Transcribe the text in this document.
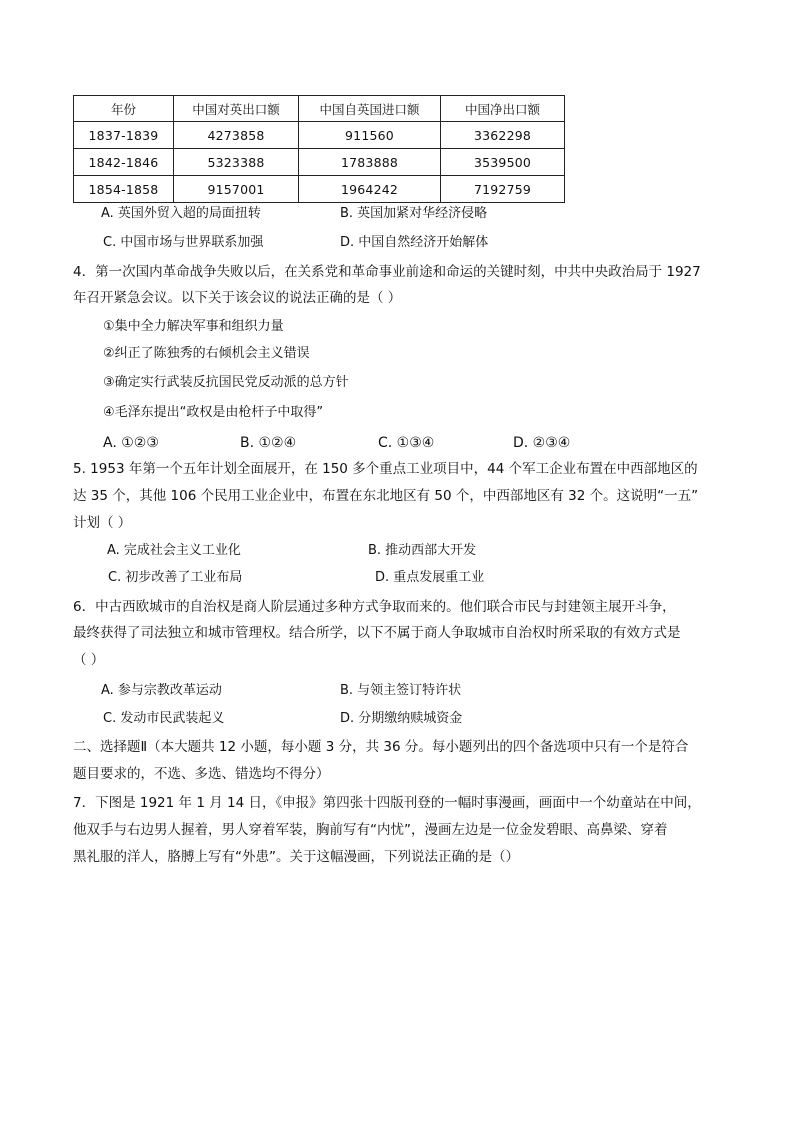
年份	中国对英出口额	中国自英国进口额	中国净出口额
1837-1839	4273858	911560	3362298
1842-1846	5323388	1783888	3539500
1854-1858	9157001	1964242	7192759
A. 英国外贸入超的局面扭转	B. 英国加紧对华经济侵略
C. 中国市场与世界联系加强	D. 中国自然经济开始解体
4．第一次国内革命战争失败以后，在关系党和革命事业前途和命运的关键时刻，中共中央政治局于 1927
年召开紧急会议。以下关于该会议的说法正确的是（ ）
①集中全力解决军事和组织力量
②纠正了陈独秀的右倾机会主义错误
③确定实行武装反抗国民党反动派的总方针
④毛泽东提出“政权是由枪杆子中取得”
A. ①②③	B. ①②④	C. ①③④	D. ②③④
5. 1953 年第一个五年计划全面展开，在 150 多个重点工业项目中，44 个军工企业布置在中西部地区的
达 35 个，其他 106 个民用工业企业中，布置在东北地区有 50 个，中西部地区有 32 个。这说明“一五”
计划（ ）
A. 完成社会主义工业化	B. 推动西部大开发
C. 初步改善了工业布局	D. 重点发展重工业
6．中古西欧城市的自治权是商人阶层通过多种方式争取而来的。他们联合市民与封建领主展开斗争，
最终获得了司法独立和城市管理权。结合所学，以下不属于商人争取城市自治权时所采取的有效方式是
（ ）
A. 参与宗教改革运动	B. 与领主签订特许状
C. 发动市民武装起义	D. 分期缴纳赎城资金
二、选择题Ⅱ（本大题共 12 小题，每小题 3 分，共 36 分。每小题列出的四个备选项中只有一个是符合
题目要求的，不选、多选、错选均不得分）
7．下图是 1921 年 1 月 14 日，《申报》第四张十四版刊登的一幅时事漫画，画面中一个幼童站在中间，
他双手与右边男人握着，男人穿着军装，胸前写有“内忧”，漫画左边是一位金发碧眼、高鼻梁、穿着
黑礼服的洋人，胳膊上写有“外患”。关于这幅漫画，下列说法正确的是（）
